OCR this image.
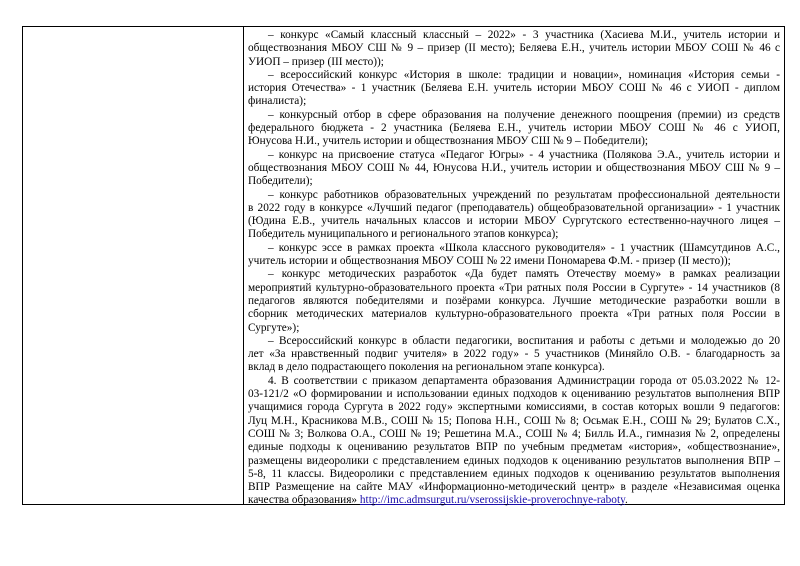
– конкурс «Самый классный классный – 2022» - 3 участника (Хасиева М.И., учитель истории и
обществознания МБОУ СШ № 9 – призер (II место); Беляева Е.Н., учитель истории МБОУ СОШ № 46 с
УИОП – призер (III место));
– всероссийский конкурс «История в школе: традиции и новации», номинация «История семьи -
история Отечества» - 1 участник (Беляева Е.Н. учитель истории МБОУ СОШ № 46 с УИОП - диплом
финалиста);
– конкурсный отбор в сфере образования на получение денежного поощрения (премии) из средств
федерального бюджета - 2 участника (Беляева Е.Н., учитель истории МБОУ СОШ № 46 с УИОП,
Юнусова Н.И., учитель истории и обществознания МБОУ СШ № 9 – Победители);
– конкурс на присвоение статуса «Педагог Югры» - 4 участника (Полякова Э.А., учитель истории и
обществознания МБОУ СОШ № 44, Юнусова Н.И., учитель истории и обществознания МБОУ СШ № 9 –
Победители);
– конкурс работников образовательных учреждений по результатам профессиональной деятельности
в 2022 году в конкурсе «Лучший педагог (преподаватель) общеобразовательной организации» - 1 участник
(Юдина Е.В., учитель начальных классов и истории МБОУ Сургутского естественно-научного лицея –
Победитель муниципального и регионального этапов конкурса);
– конкурс эссе в рамках проекта «Школа классного руководителя» - 1 участник (Шамсутдинов А.С.,
учитель истории и обществознания МБОУ СОШ № 22 имени Пономарева Ф.М. - призер (II место));
– конкурс методических разработок «Да будет память Отечеству моему» в рамках реализации
мероприятий культурно-образовательного проекта «Три ратных поля России в Сургуте» - 14 участников (8
педагогов являются победителями и позёрами конкурса. Лучшие методические разработки вошли в
сборник методических материалов культурно-образовательного проекта «Три ратных поля России в
Сургуте»);
– Всероссийский конкурс в области педагогики, воспитания и работы с детьми и молодежью до 20
лет «За нравственный подвиг учителя» в 2022 году» - 5 участников (Миняйло О.В. - благодарность за
вклад в дело подрастающего поколения на региональном этапе конкурса).
4. В соответствии с приказом департамента образования Администрации города от 05.03.2022 № 12-
03-121/2 «О формировании и использовании единых подходов к оцениванию результатов выполнения ВПР
учащимися города Сургута в 2022 году» экспертными комиссиями, в состав которых вошли 9 педагогов:
Луц М.Н., Красникова М.В., СОШ № 15; Попова Н.Н., СОШ № 8; Осьмак Е.Н., СОШ № 29; Булатов С.Х.,
СОШ № 3; Волкова О.А., СОШ № 19; Решетина М.А., СОШ № 4; Билль И.А., гимназия № 2, определены
единые подходы к оцениванию результатов ВПР по учебным предметам «история», «обществознание»,
размещены видеоролики с представлением единых подходов к оцениванию результатов выполнения ВПР –
5-8, 11 классы. Видеоролики с представлением единых подходов к оцениванию результатов выполнения
ВПР Размещение на сайте МАУ «Информационно-методический центр» в разделе «Независимая оценка
качества образования» http://imc.admsurgut.ru/vserossijskie-proverochnye-raboty.
